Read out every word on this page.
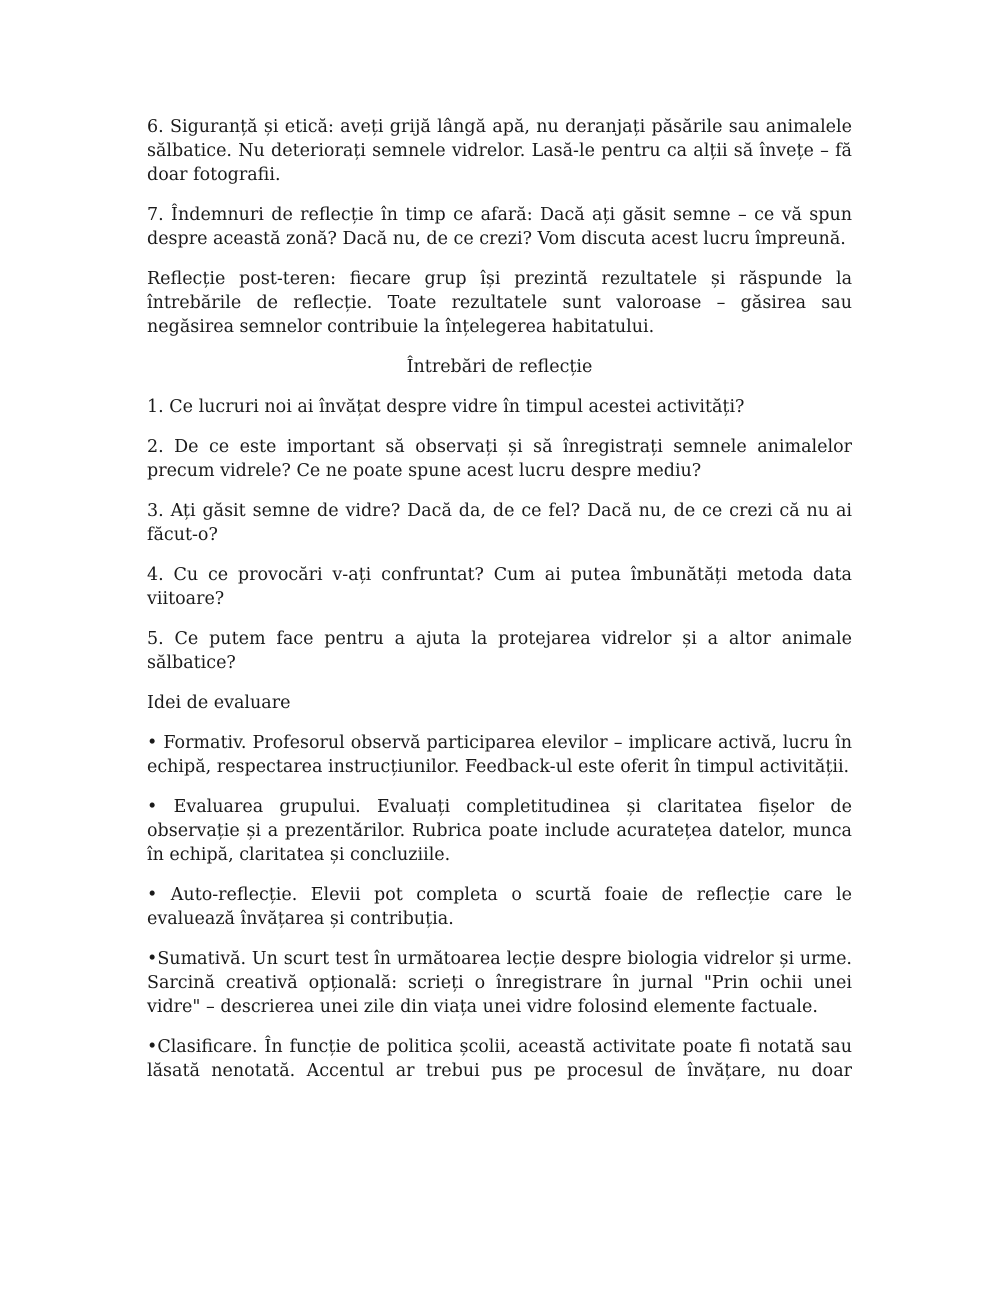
6. Siguranță și etică: aveți grijă lângă apă, nu deranjați păsările sau animalele sălbatice. Nu deteriorați semnele vidrelor. Lasă-le pentru ca alții să învețe – fă doar fotografii.

7. Îndemnuri de reflecție în timp ce afară: Dacă ați găsit semne – ce vă spun despre această zonă? Dacă nu, de ce crezi? Vom discuta acest lucru împreună.

Reflecție post-teren: fiecare grup își prezintă rezultatele și răspunde la întrebările de reflecție. Toate rezultatele sunt valoroase – găsirea sau negăsirea semnelor contribuie la înțelegerea habitatului.

Întrebări de reflecție

1. Ce lucruri noi ai învățat despre vidre în timpul acestei activități?

2. De ce este important să observați și să înregistrați semnele animalelor precum vidrele? Ce ne poate spune acest lucru despre mediu?

3. Ați găsit semne de vidre? Dacă da, de ce fel? Dacă nu, de ce crezi că nu ai făcut-o?

4. Cu ce provocări v-ați confruntat? Cum ai putea îmbunătăți metoda data viitoare?

5. Ce putem face pentru a ajuta la protejarea vidrelor și a altor animale sălbatice?

Idei de evaluare

• Formativ. Profesorul observă participarea elevilor – implicare activă, lucru în echipă, respectarea instrucțiunilor. Feedback-ul este oferit în timpul activității.

• Evaluarea grupului. Evaluați completitudinea și claritatea fișelor de observație și a prezentărilor. Rubrica poate include acuratețea datelor, munca în echipă, claritatea și concluziile.

• Auto-reflecție. Elevii pot completa o scurtă foaie de reflecție care le evaluează învățarea și contribuția.

•Sumativă. Un scurt test în următoarea lecție despre biologia vidrelor și urme. Sarcină creativă opțională: scrieți o înregistrare în jurnal "Prin ochii unei vidre" – descrierea unei zile din viața unei vidre folosind elemente factuale.

•Clasificare. În funcție de politica școlii, această activitate poate fi notată sau lăsată nenotată. Accentul ar trebui pus pe procesul de învățare, nu doar
